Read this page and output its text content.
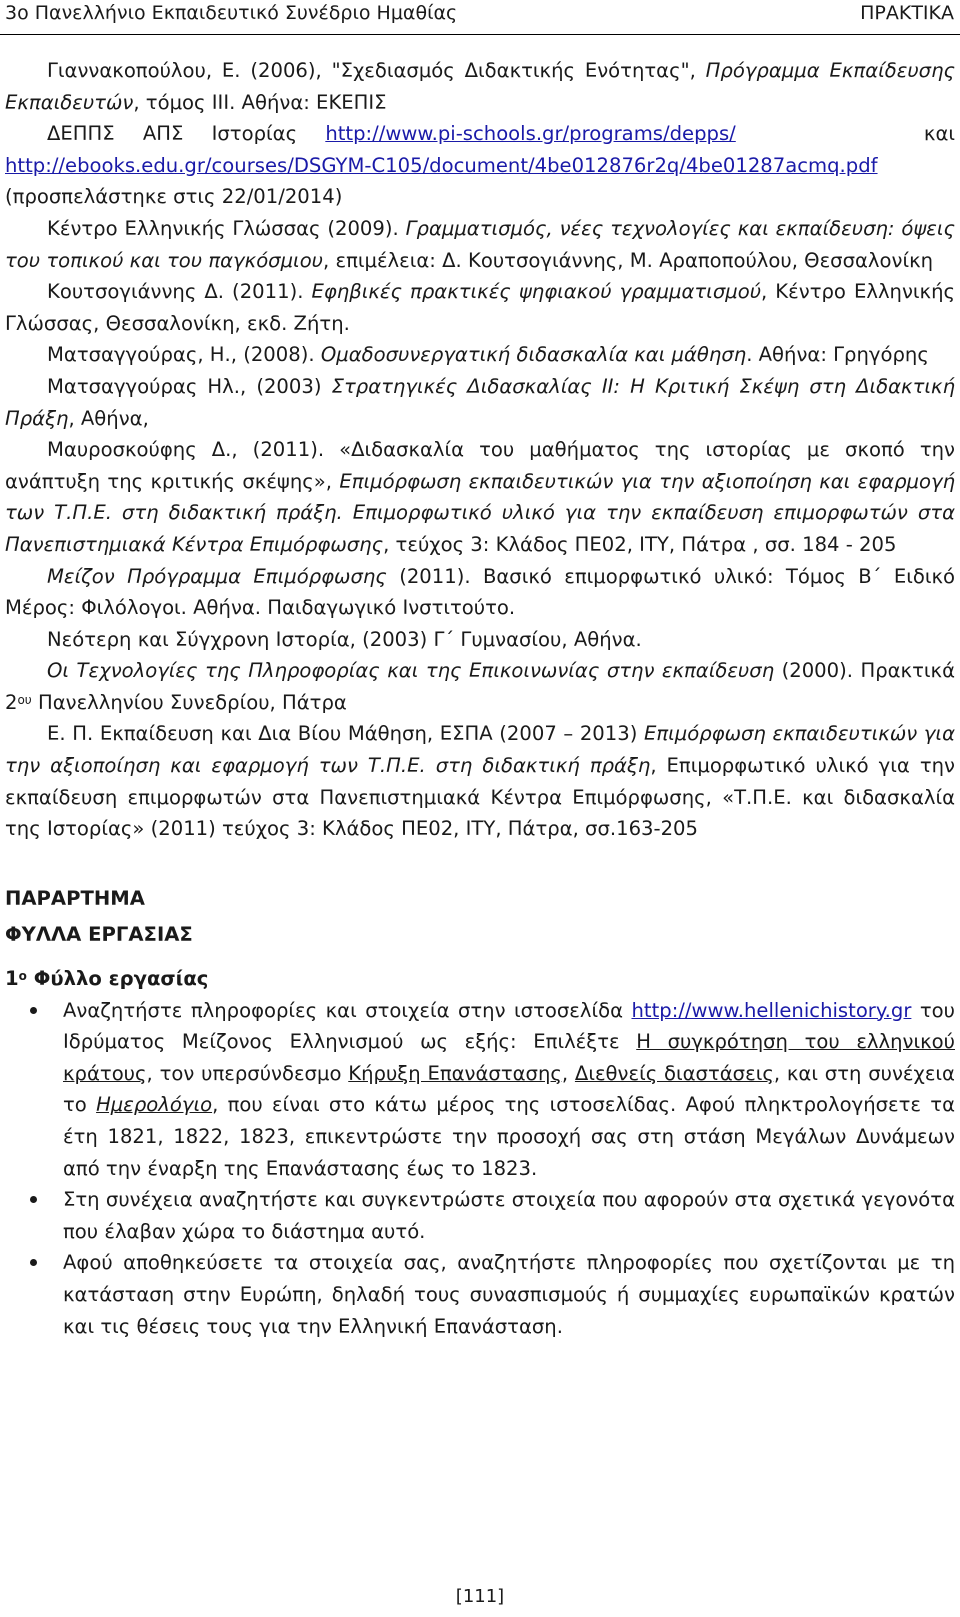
3ο Πανελλήνιο Εκπαιδευτικό Συνέδριο Ημαθίας	ΠΡΑΚΤΙΚΑ

Γιαννακοπούλου, Ε. (2006), "Σχεδιασμός Διδακτικής Ενότητας", Πρόγραμμα Εκπαίδευσης Εκπαιδευτών, τόμος ΙΙΙ. Αθήνα: ΕΚΕΠΙΣ

ΔΕΠΠΣ ΑΠΣ Ιστορίας http://www.pi-schools.gr/programs/depps/	και

http://ebooks.edu.gr/courses/DSGYM-C105/document/4be012876r2q/4be01287acmq.pdf

(προσπελάστηκε στις 22/01/2014)

Κέντρο Ελληνικής Γλώσσας (2009). Γραμματισμός, νέες τεχνολογίες και εκπαίδευση: όψεις του τοπικού και του παγκόσμιου, επιμέλεια: Δ. Κουτσογιάννης, Μ. Αραποπούλου, Θεσσαλονίκη

Κουτσογιάννης Δ. (2011). Εφηβικές πρακτικές ψηφιακού γραμματισμού, Κέντρο Ελληνικής Γλώσσας, Θεσσαλονίκη, εκδ. Ζήτη.

Ματσαγγούρας, Η., (2008). Ομαδοσυνεργατική διδασκαλία και μάθηση. Αθήνα: Γρηγόρης

Ματσαγγούρας Ηλ., (2003) Στρατηγικές Διδασκαλίας ΙΙ: Η Κριτική Σκέψη στη Διδακτική Πράξη, Αθήνα,

Μαυροσκούφης Δ., (2011). «Διδασκαλία του μαθήματος της ιστορίας με σκοπό την ανάπτυξη της κριτικής σκέψης», Επιμόρφωση εκπαιδευτικών για την αξιοποίηση και εφαρμογή των Τ.Π.Ε. στη διδακτική πράξη. Επιμορφωτικό υλικό για την εκπαίδευση επιμορφωτών στα Πανεπιστημιακά Κέντρα Επιμόρφωσης, τεύχος 3: Κλάδος ΠΕ02, ΙΤΥ, Πάτρα , σσ. 184 - 205

Μείζον Πρόγραμμα Επιμόρφωσης (2011). Βασικό επιμορφωτικό υλικό: Τόμος Β΄ Ειδικό Μέρος: Φιλόλογοι. Αθήνα. Παιδαγωγικό Ινστιτούτο.

Νεότερη και Σύγχρονη Ιστορία, (2003) Γ΄ Γυμνασίου, Αθήνα.

Οι Τεχνολογίες της Πληροφορίας και της Επικοινωνίας στην εκπαίδευση (2000). Πρακτικά $2^{o\upsilon}$ Πανελληνίου Συνεδρίου, Πάτρα

Ε. Π. Εκπαίδευση και Δια Βίου Μάθηση, ΕΣΠΑ (2007 – 2013) Επιμόρφωση εκπαιδευτικών για την αξιοποίηση και εφαρμογή των Τ.Π.Ε. στη διδακτική πράξη, Επιμορφωτικό υλικό για την εκπαίδευση επιμορφωτών στα Πανεπιστημιακά Κέντρα Επιμόρφωσης, «Τ.Π.Ε. και διδασκαλία της Ιστορίας» (2011) τεύχος 3: Κλάδος ΠΕ02, ΙΤΥ, Πάτρα, σσ.163-205

ΠΑΡΑΡΤΗΜΑ

ΦΥΛΛΑ ΕΡΓΑΣΙΑΣ

$1^o$ Φύλλο εργασίας

Αναζητήστε πληροφορίες και στοιχεία στην ιστοσελίδα http://www.hellenichistory.gr του Ιδρύματος Μείζονος Ελληνισμού ως εξής: Επιλέξτε Η συγκρότηση του ελληνικού κράτους, τον υπερσύνδεσμο Κήρυξη Επανάστασης, Διεθνείς διαστάσεις, και στη συνέχεια το Ημερολόγιο, που είναι στο κάτω μέρος της ιστοσελίδας. Αφού πληκτρολογήσετε τα έτη 1821, 1822, 1823, επικεντρώστε την προσοχή σας στη στάση Μεγάλων Δυνάμεων από την έναρξη της Επανάστασης έως το 1823.
Στη συνέχεια αναζητήστε και συγκεντρώστε στοιχεία που αφορούν στα σχετικά γεγονότα που έλαβαν χώρα το διάστημα αυτό.
Αφού αποθηκεύσετε τα στοιχεία σας, αναζητήστε πληροφορίες που σχετίζονται με τη κατάσταση στην Ευρώπη, δηλαδή τους συνασπισμούς ή συμμαχίες ευρωπαϊκών κρατών και τις θέσεις τους για την Ελληνική Επανάσταση.
[111]
